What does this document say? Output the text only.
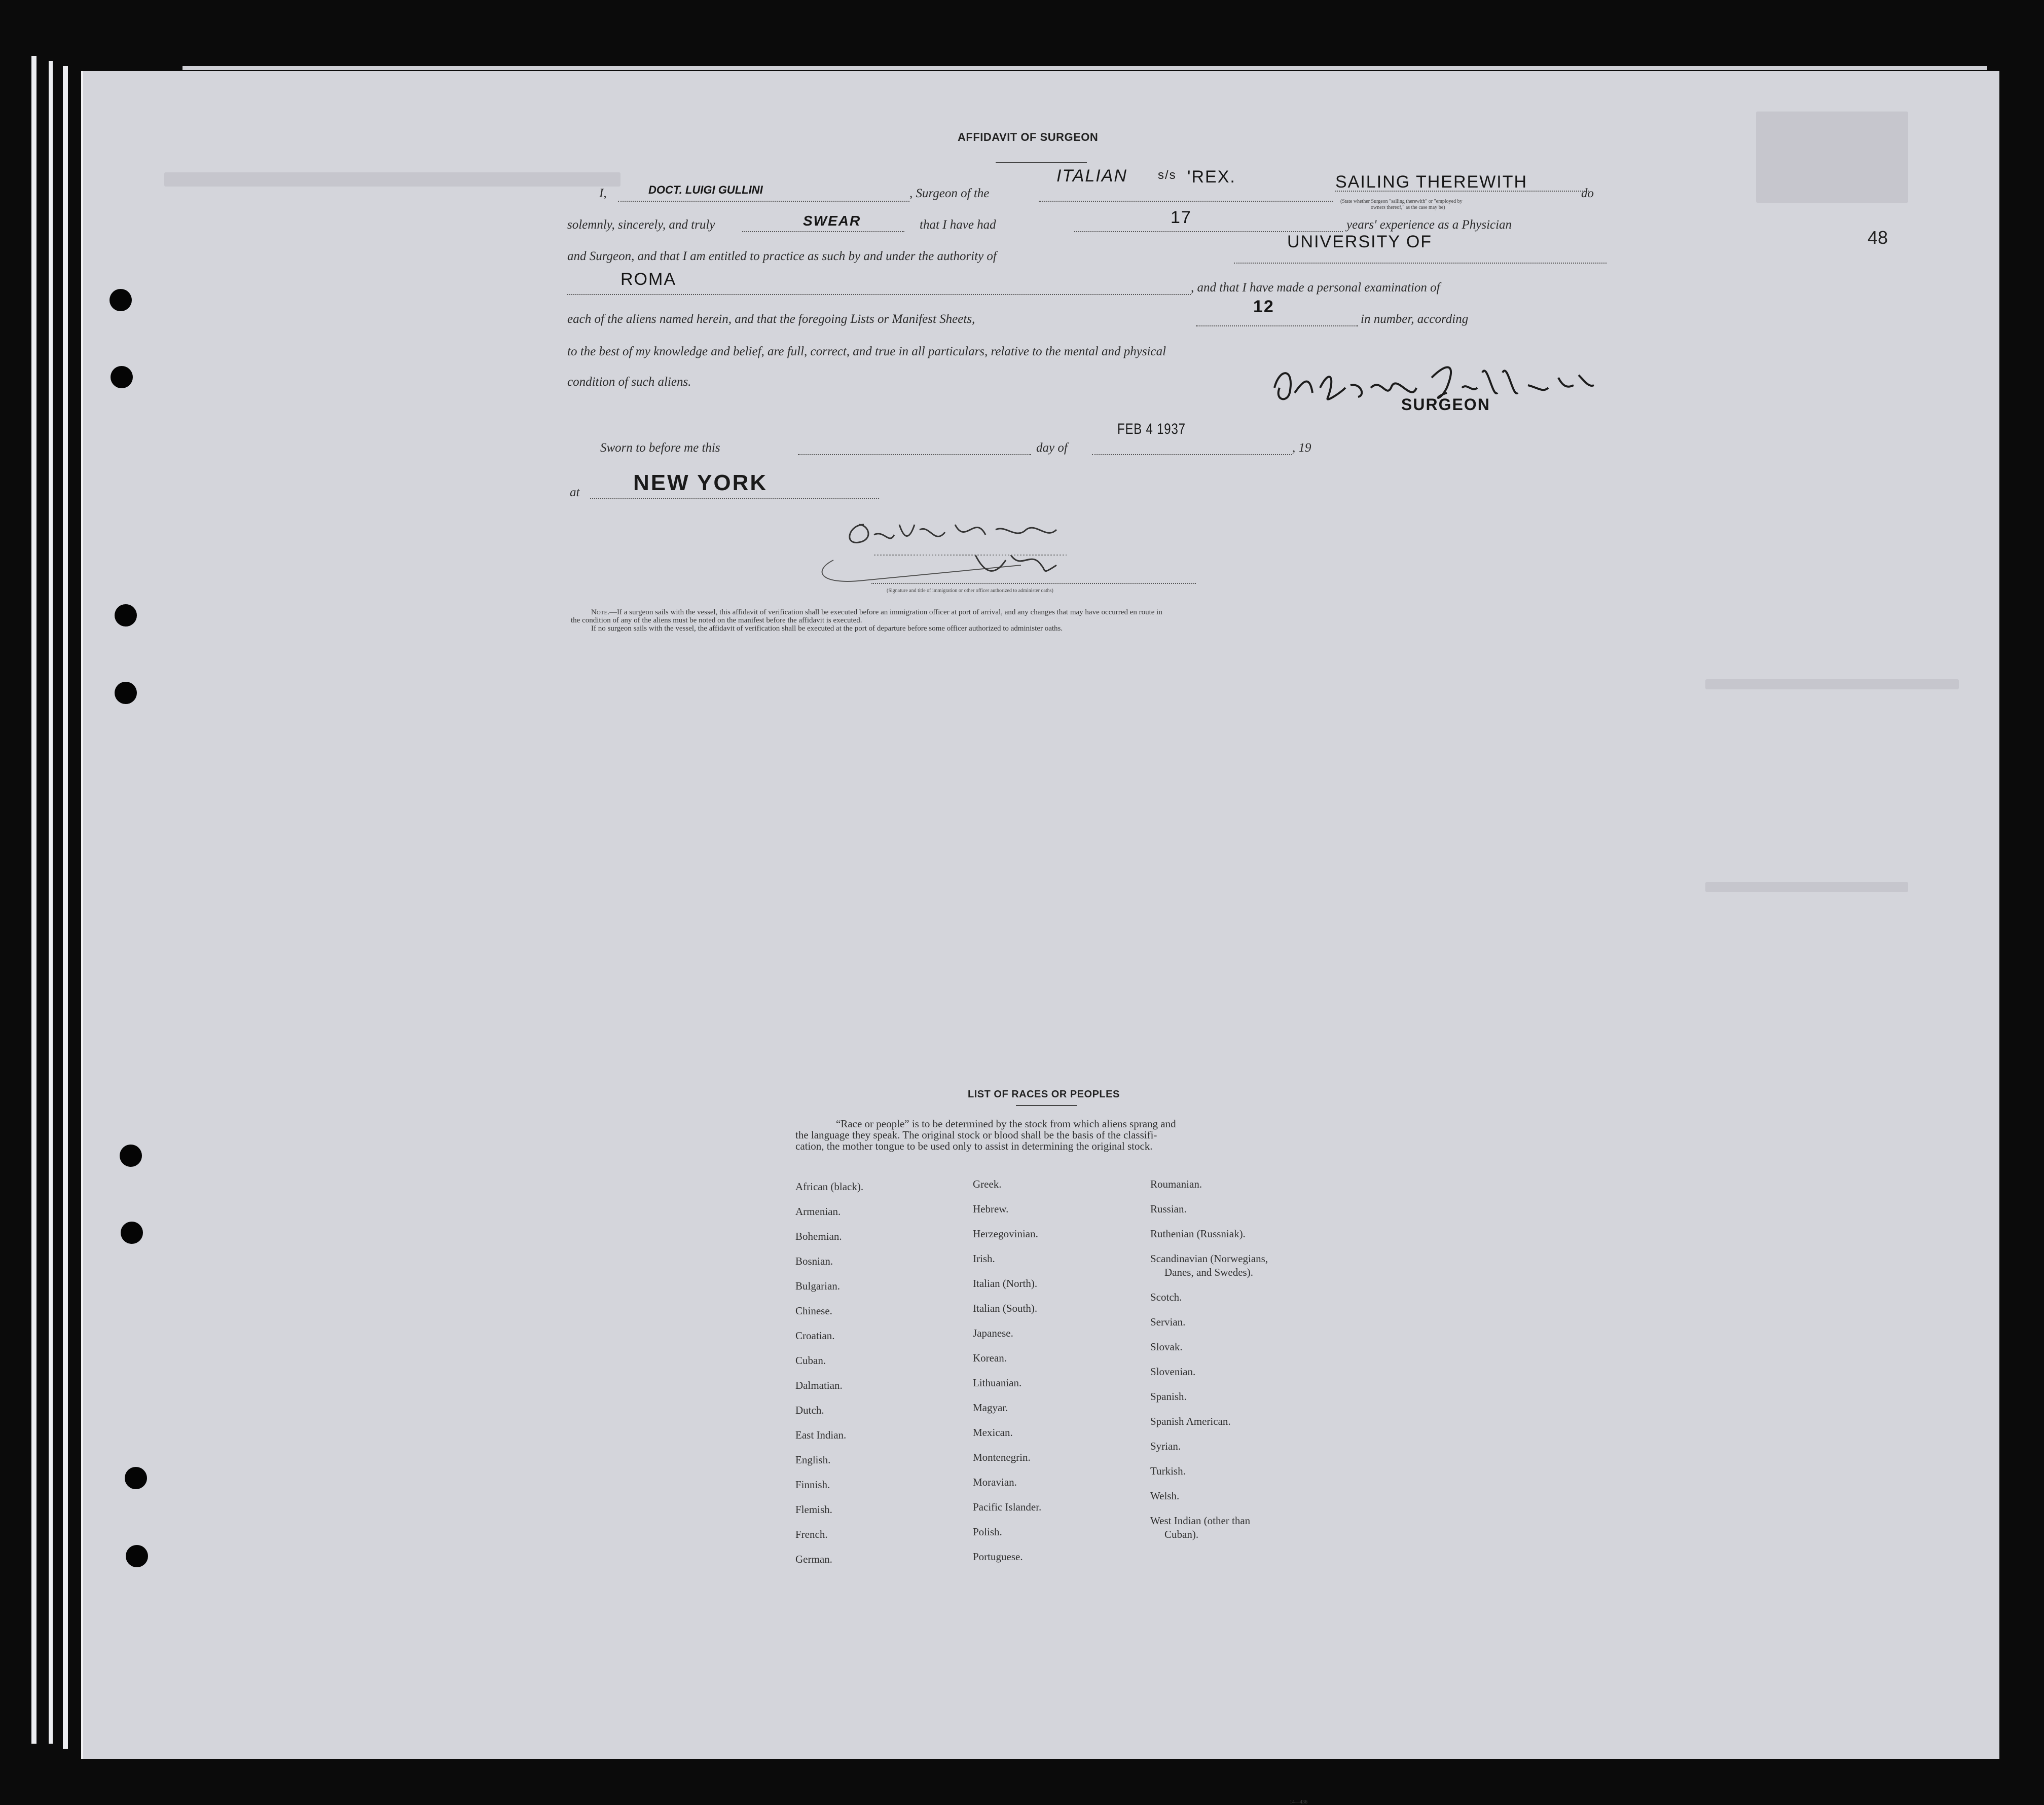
48
AFFIDAVIT OF SURGEON
I,	DOCT. LUIGI GULLINI	, Surgeon of the
ITALIAN	s/s 'REX.	SAILING THEREWITH
do
(State whether Surgeon "sailing therewith" or "employed by
owners thereof," as the case may be)
solemnly, sincerely, and truly	SWEAR	that I have had	17	years' experience as a Physician
and Surgeon, and that I am entitled to practice as such by and under the authority of
UNIVERSITY OF
ROMA	, and that I have made a personal examination of
each of the aliens named herein, and that the foregoing Lists or Manifest Sheets,
12
in number, according
to the best of my knowledge and belief, are full, correct, and true in all particulars, relative to the mental and physical
condition of such aliens.
SURGEON
Sworn to before me this	day of
FEB 4 1937
, 19
at NEW YORK
(Signature and title of immigration or other officer authorized to administer oaths)
Note.—If a surgeon sails with the vessel, this affidavit of verification shall be executed before an immigration officer at port of arrival, and any changes that may have occurred en route in
the condition of any of the aliens must be noted on the manifest before the affidavit is executed.
If no surgeon sails with the vessel, the affidavit of verification shall be executed at the port of departure before some officer authorized to administer oaths.
LIST OF RACES OR PEOPLES
“Race or people” is to be determined by the stock from which aliens sprang and
the language they speak. The original stock or blood shall be the basis of the classifi-
cation, the mother tongue to be used only to assist in determining the original stock.
African (black).
Armenian.
Bohemian.
Bosnian.
Bulgarian.
Chinese.
Croatian.
Cuban.
Dalmatian.
Dutch.
East Indian.
English.
Finnish.
Flemish.
French.
German.
Greek.
Hebrew.
Herzegovinian.
Irish.
Italian (North).
Italian (South).
Japanese.
Korean.
Lithuanian.
Magyar.
Mexican.
Montenegrin.
Moravian.
Pacific Islander.
Polish.
Portuguese.
Roumanian.
Russian.
Ruthenian (Russniak).
Scandinavian (Norwegians,
Danes, and Swedes).
Scotch.
Servian.
Slovak.
Slovenian.
Spanish.
Spanish American.
Syrian.
Turkish.
Welsh.
West Indian (other than
Cuban).
14—436
